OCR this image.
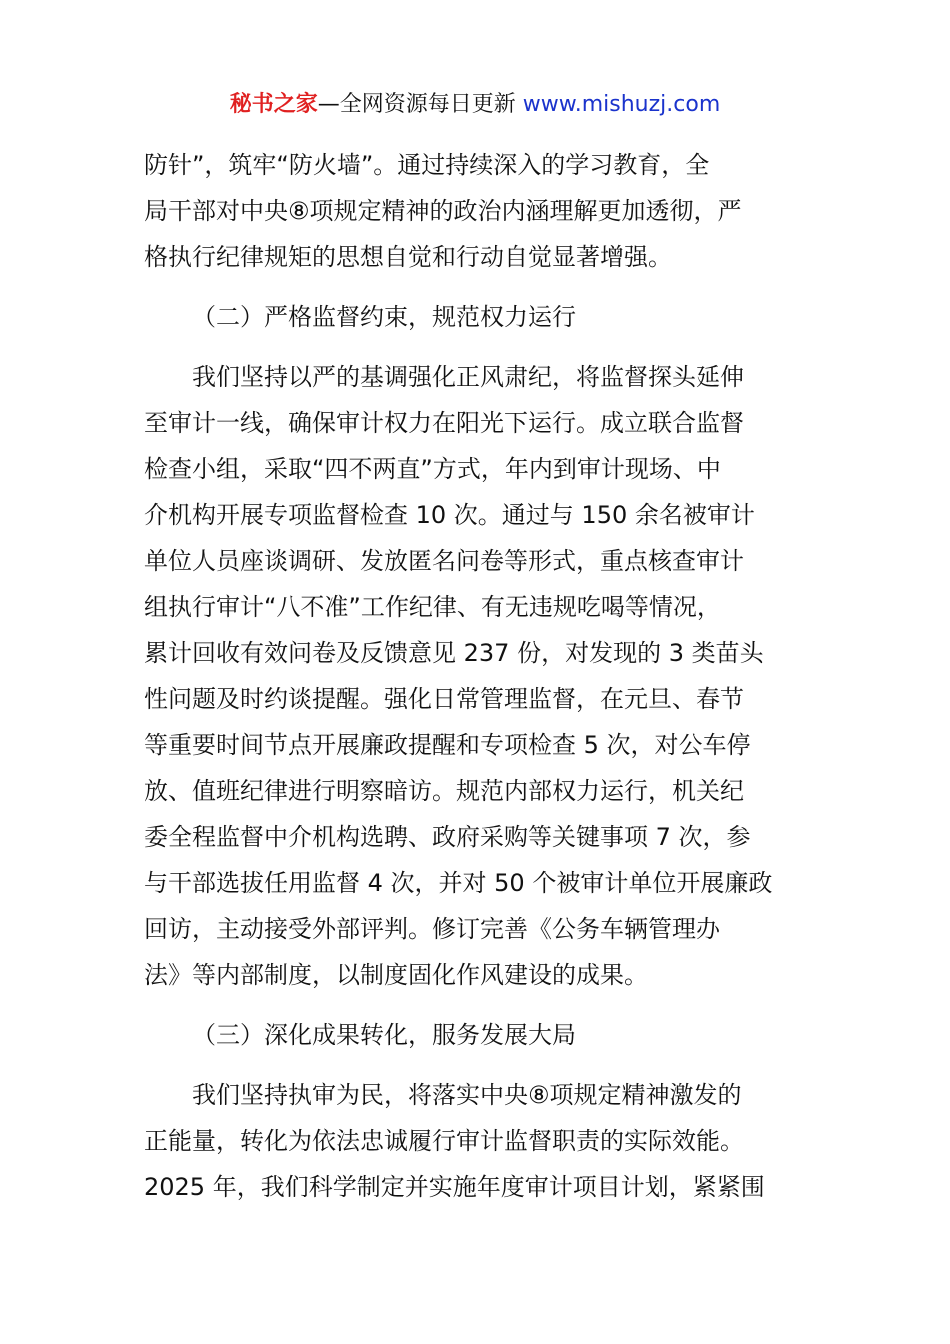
秘书之家—全网资源每日更新 www.mishuzj.com
防针”，筑牢“防火墙”。通过持续深入的学习教育，全
局干部对中央⑧项规定精神的政治内涵理解更加透彻，严
格执行纪律规矩的思想自觉和行动自觉显著增强。
（二）严格监督约束，规范权力运行
　　我们坚持以严的基调强化正风肃纪，将监督探头延伸
至审计一线，确保审计权力在阳光下运行。成立联合监督
检查小组，采取“四不两直”方式，年内到审计现场、中
介机构开展专项监督检查 10 次。通过与 150 余名被审计
单位人员座谈调研、发放匿名问卷等形式，重点核查审计
组执行审计“八不准”工作纪律、有无违规吃喝等情况，
累计回收有效问卷及反馈意见 237 份，对发现的 3 类苗头
性问题及时约谈提醒。强化日常管理监督，在元旦、春节
等重要时间节点开展廉政提醒和专项检查 5 次，对公车停
放、值班纪律进行明察暗访。规范内部权力运行，机关纪
委全程监督中介机构选聘、政府采购等关键事项 7 次，参
与干部选拔任用监督 4 次，并对 50 个被审计单位开展廉政
回访，主动接受外部评判。修订完善《公务车辆管理办
法》等内部制度，以制度固化作风建设的成果。
（三）深化成果转化，服务发展大局
　　我们坚持执审为民，将落实中央⑧项规定精神激发的
正能量，转化为依法忠诚履行审计监督职责的实际效能。
2025 年，我们科学制定并实施年度审计项目计划，紧紧围
